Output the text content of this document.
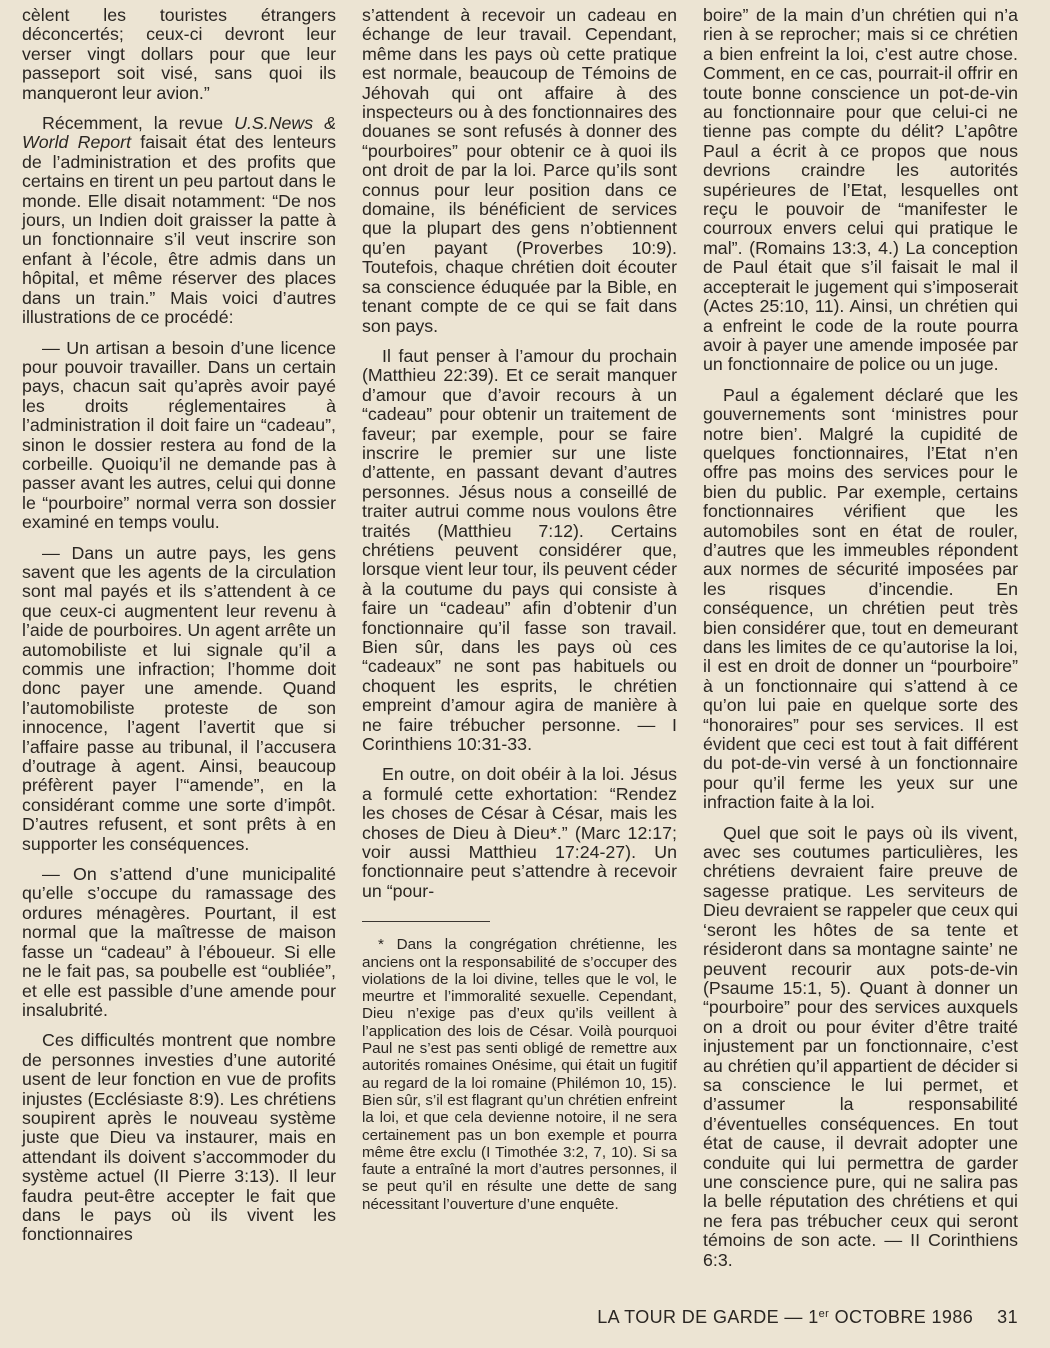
cèlent les touristes étrangers déconcertés; ceux-ci devront leur verser vingt dollars pour que leur passeport soit visé, sans quoi ils manqueront leur avion.”

Récemment, la revue U.S.News & World Report faisait état des lenteurs de l’administration et des profits que certains en tirent un peu partout dans le monde. Elle disait notamment: “De nos jours, un Indien doit graisser la patte à un fonctionnaire s’il veut inscrire son enfant à l’école, être admis dans un hôpital, et même réserver des places dans un train.” Mais voici d’autres illustrations de ce procédé:

— Un artisan a besoin d’une licence pour pouvoir travailler. Dans un certain pays, chacun sait qu’après avoir payé les droits réglementaires à l’administration il doit faire un “cadeau”, sinon le dossier restera au fond de la corbeille. Quoiqu’il ne demande pas à passer avant les autres, celui qui donne le “pourboire” normal verra son dossier examiné en temps voulu.

— Dans un autre pays, les gens savent que les agents de la circulation sont mal payés et ils s’attendent à ce que ceux-ci augmentent leur revenu à l’aide de pourboires. Un agent arrête un automobiliste et lui signale qu’il a commis une infraction; l’homme doit donc payer une amende. Quand l’automobiliste proteste de son innocence, l’agent l’avertit que si l’affaire passe au tribunal, il l’accusera d’outrage à agent. Ainsi, beaucoup préfèrent payer l’“amende”, en la considérant comme une sorte d’impôt. D’autres refusent, et sont prêts à en supporter les conséquences.

— On s’attend d’une municipalité qu’elle s’occupe du ramassage des ordures ménagères. Pourtant, il est normal que la maîtresse de maison fasse un “cadeau” à l’éboueur. Si elle ne le fait pas, sa poubelle est “oubliée”, et elle est passible d’une amende pour insalubrité.

Ces difficultés montrent que nombre de personnes investies d’une autorité usent de leur fonction en vue de profits injustes (Ecclésiaste 8:9). Les chrétiens soupirent après le nouveau système juste que Dieu va instaurer, mais en attendant ils doivent s’accommoder du système actuel (II Pierre 3:13). Il leur faudra peut-être accepter le fait que dans le pays où ils vivent les fonctionnaires

s’attendent à recevoir un cadeau en échange de leur travail. Cependant, même dans les pays où cette pratique est normale, beaucoup de Témoins de Jéhovah qui ont affaire à des inspecteurs ou à des fonctionnaires des douanes se sont refusés à donner des “pourboires” pour obtenir ce à quoi ils ont droit de par la loi. Parce qu’ils sont connus pour leur position dans ce domaine, ils bénéficient de services que la plupart des gens n’obtiennent qu’en payant (Proverbes 10:9). Toutefois, chaque chrétien doit écouter sa conscience éduquée par la Bible, en tenant compte de ce qui se fait dans son pays.

Il faut penser à l’amour du prochain (Matthieu 22:39). Et ce serait manquer d’amour que d’avoir recours à un “cadeau” pour obtenir un traitement de faveur; par exemple, pour se faire inscrire le premier sur une liste d’attente, en passant devant d’autres personnes. Jésus nous a conseillé de traiter autrui comme nous voulons être traités (Matthieu 7:12). Certains chrétiens peuvent considérer que, lorsque vient leur tour, ils peuvent céder à la coutume du pays qui consiste à faire un “cadeau” afin d’obtenir d’un fonctionnaire qu’il fasse son travail. Bien sûr, dans les pays où ces “cadeaux” ne sont pas habituels ou choquent les esprits, le chrétien empreint d’amour agira de manière à ne faire trébucher personne. — I Corinthiens 10:31-33.

En outre, on doit obéir à la loi. Jésus a formulé cette exhortation: “Rendez les choses de César à César, mais les choses de Dieu à Dieu*.” (Marc 12:17; voir aussi Matthieu 17:24-27). Un fonctionnaire peut s’attendre à recevoir un “pour-

* Dans la congrégation chrétienne, les anciens ont la responsabilité de s’occuper des violations de la loi divine, telles que le vol, le meurtre et l’immoralité sexuelle. Cependant, Dieu n’exige pas d’eux qu’ils veillent à l’application des lois de César. Voilà pourquoi Paul ne s’est pas senti obligé de remettre aux autorités romaines Onésime, qui était un fugitif au regard de la loi romaine (Philémon 10, 15). Bien sûr, s’il est flagrant qu’un chrétien enfreint la loi, et que cela devienne notoire, il ne sera certainement pas un bon exemple et pourra même être exclu (I Timothée 3:2, 7, 10). Si sa faute a entraîné la mort d’autres personnes, il se peut qu’il en résulte une dette de sang nécessitant l’ouverture d’une enquête.

boire” de la main d’un chrétien qui n’a rien à se reprocher; mais si ce chrétien a bien enfreint la loi, c’est autre chose. Comment, en ce cas, pourrait-il offrir en toute bonne conscience un pot-de-vin au fonctionnaire pour que celui-ci ne tienne pas compte du délit? L’apôtre Paul a écrit à ce propos que nous devrions craindre les autorités supérieures de l’Etat, lesquelles ont reçu le pouvoir de “manifester le courroux envers celui qui pratique le mal”. (Romains 13:3, 4.) La conception de Paul était que s’il faisait le mal il accepterait le jugement qui s’imposerait (Actes 25:10, 11). Ainsi, un chrétien qui a enfreint le code de la route pourra avoir à payer une amende imposée par un fonctionnaire de police ou un juge.

Paul a également déclaré que les gouvernements sont ‘ministres pour notre bien’. Malgré la cupidité de quelques fonctionnaires, l’Etat n’en offre pas moins des services pour le bien du public. Par exemple, certains fonctionnaires vérifient que les automobiles sont en état de rouler, d’autres que les immeubles répondent aux normes de sécurité imposées par les risques d’incendie. En conséquence, un chrétien peut très bien considérer que, tout en demeurant dans les limites de ce qu’autorise la loi, il est en droit de donner un “pourboire” à un fonctionnaire qui s’attend à ce qu’on lui paie en quelque sorte des “honoraires” pour ses services. Il est évident que ceci est tout à fait différent du pot-de-vin versé à un fonctionnaire pour qu’il ferme les yeux sur une infraction faite à la loi.

Quel que soit le pays où ils vivent, avec ses coutumes particulières, les chrétiens devraient faire preuve de sagesse pratique. Les serviteurs de Dieu devraient se rappeler que ceux qui ‘seront les hôtes de sa tente et résideront dans sa montagne sainte’ ne peuvent recourir aux pots-de-vin (Psaume 15:1, 5). Quant à donner un “pourboire” pour des services auxquels on a droit ou pour éviter d’être traité injustement par un fonctionnaire, c’est au chrétien qu’il appartient de décider si sa conscience le lui permet, et d’assumer la responsabilité d’éventuelles conséquences. En tout état de cause, il devrait adopter une conduite qui lui permettra de garder une conscience pure, qui ne salira pas la belle réputation des chrétiens et qui ne fera pas trébucher ceux qui seront témoins de son acte. — II Corinthiens 6:3.

LA TOUR DE GARDE — 1er OCTOBRE 1986 31
